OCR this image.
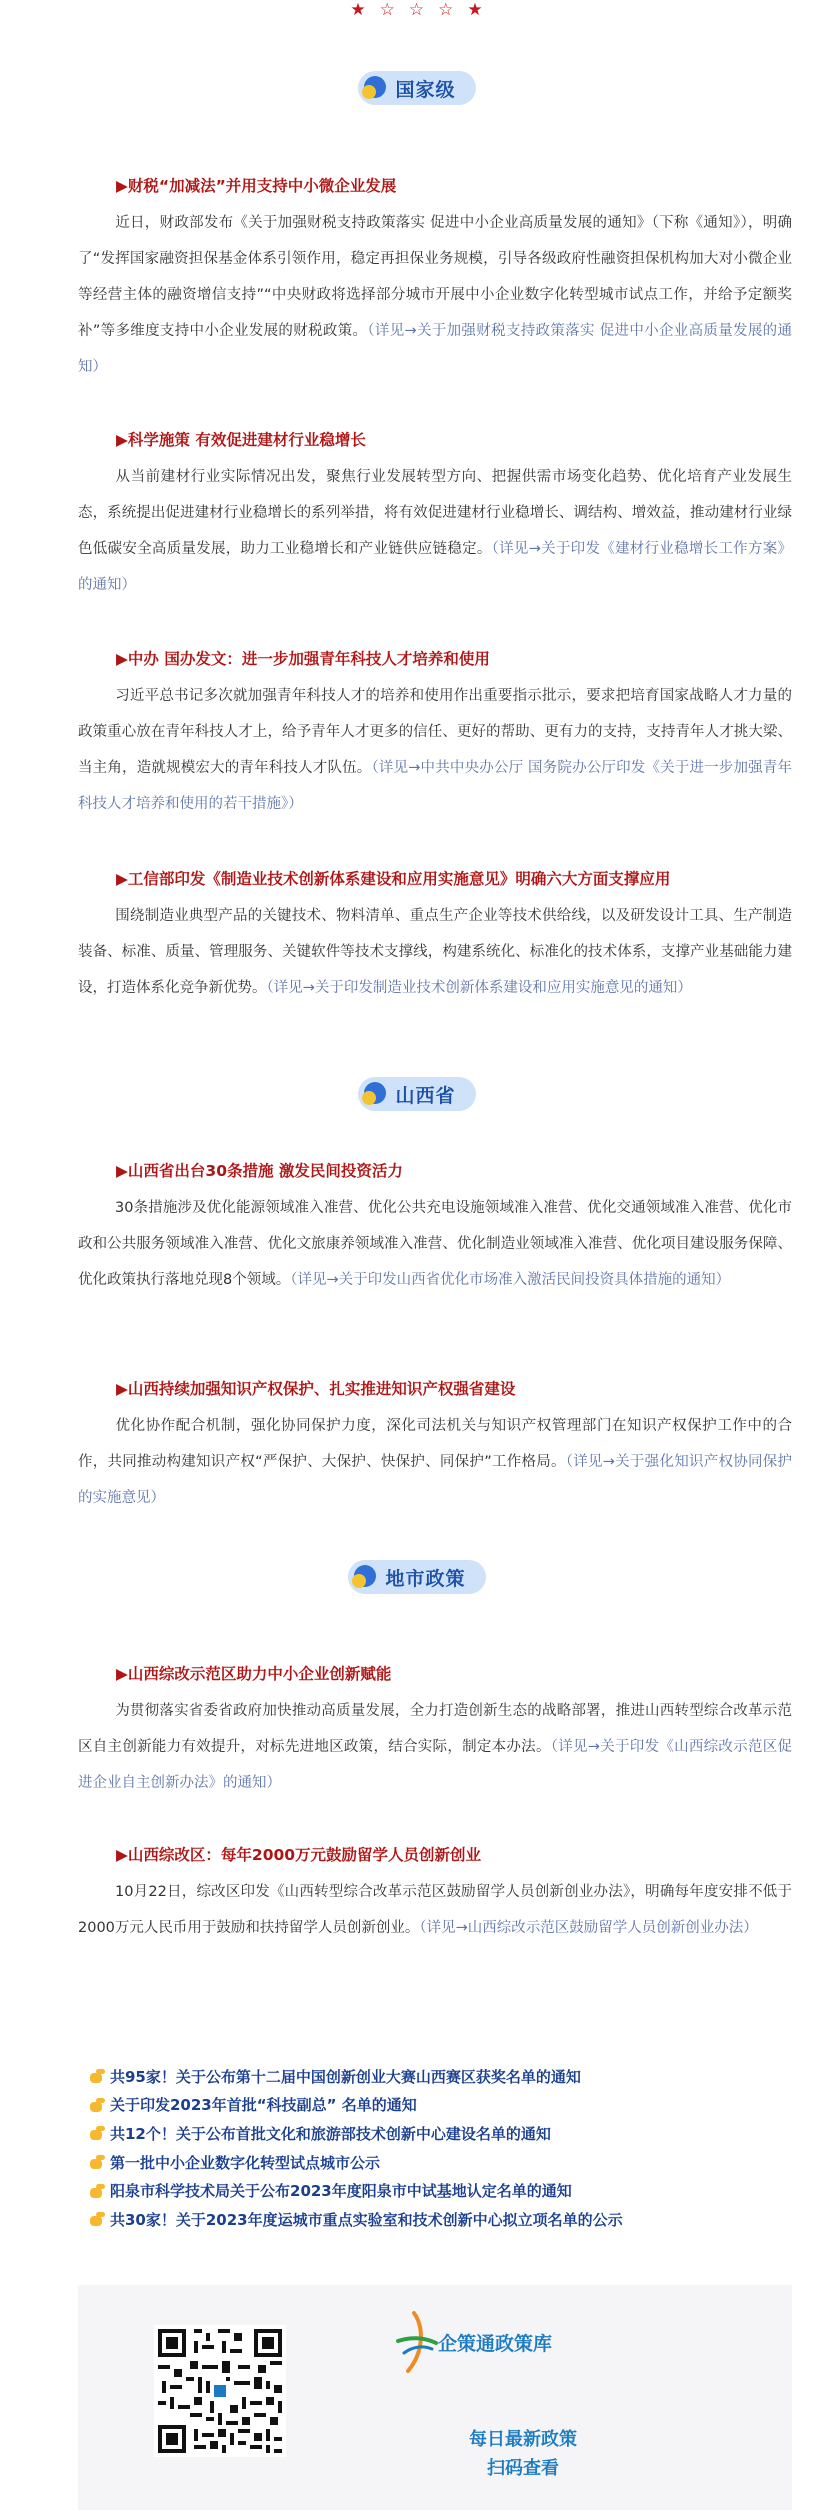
★ ☆ ☆ ☆ ★
国家级
▶财税“加减法”并用支持中小微企业发展

近日，财政部发布《关于加强财税支持政策落实 促进中小企业高质量发展的通知》（下称《通知》），明确了“发挥国家融资担保基金体系引领作用，稳定再担保业务规模，引导各级政府性融资担保机构加大对小微企业等经营主体的融资增信支持”“中央财政将选择部分城市开展中小企业数字化转型城市试点工作，并给予定额奖补”等多维度支持中小企业发展的财税政策。（详见→关于加强财税支持政策落实 促进中小企业高质量发展的通知）

▶科学施策 有效促进建材行业稳增长

从当前建材行业实际情况出发，聚焦行业发展转型方向、把握供需市场变化趋势、优化培育产业发展生态，系统提出促进建材行业稳增长的系列举措，将有效促进建材行业稳增长、调结构、增效益，推动建材行业绿色低碳安全高质量发展，助力工业稳增长和产业链供应链稳定。（详见→关于印发《建材行业稳增长工作方案》的通知）

▶中办 国办发文：进一步加强青年科技人才培养和使用

习近平总书记多次就加强青年科技人才的培养和使用作出重要指示批示，要求把培育国家战略人才力量的政策重心放在青年科技人才上，给予青年人才更多的信任、更好的帮助、更有力的支持，支持青年人才挑大梁、当主角，造就规模宏大的青年科技人才队伍。（详见→中共中央办公厅 国务院办公厅印发《关于进一步加强青年科技人才培养和使用的若干措施》）

▶工信部印发《制造业技术创新体系建设和应用实施意见》明确六大方面支撑应用

围绕制造业典型产品的关键技术、物料清单、重点生产企业等技术供给线，以及研发设计工具、生产制造装备、标准、质量、管理服务、关键软件等技术支撑线，构建系统化、标准化的技术体系，支撑产业基础能力建设，打造体系化竞争新优势。（详见→关于印发制造业技术创新体系建设和应用实施意见的通知）

山西省
▶山西省出台30条措施 激发民间投资活力

30条措施涉及优化能源领域准入准营、优化公共充电设施领域准入准营、优化交通领域准入准营、优化市政和公共服务领域准入准营、优化文旅康养领域准入准营、优化制造业领域准入准营、优化项目建设服务保障、优化政策执行落地兑现8个领域。（详见→关于印发山西省优化市场准入激活民间投资具体措施的通知）

▶山西持续加强知识产权保护、扎实推进知识产权强省建设

优化协作配合机制，强化协同保护力度，深化司法机关与知识产权管理部门在知识产权保护工作中的合作，共同推动构建知识产权“严保护、大保护、快保护、同保护”工作格局。（详见→关于强化知识产权协同保护的实施意见）

地市政策
▶山西综改示范区助力中小企业创新赋能

为贯彻落实省委省政府加快推动高质量发展，全力打造创新生态的战略部署，推进山西转型综合改革示范区自主创新能力有效提升，对标先进地区政策，结合实际，制定本办法。（详见→关于印发《山西综改示范区促进企业自主创新办法》的通知）

▶山西综改区：每年2000万元鼓励留学人员创新创业

10月22日，综改区印发《山西转型综合改革示范区鼓励留学人员创新创业办法》，明确每年度安排不低于2000万元人民币用于鼓励和扶持留学人员创新创业。（详见→山西综改示范区鼓励留学人员创新创业办法）

共95家！关于公布第十二届中国创新创业大赛山西赛区获奖名单的通知
关于印发2023年首批“科技副总” 名单的通知
共12个！关于公布首批文化和旅游部技术创新中心建设名单的通知
第一批中小企业数字化转型试点城市公示
阳泉市科学技术局关于公布2023年度阳泉市中试基地认定名单的通知
共30家！关于2023年度运城市重点实验室和技术创新中心拟立项名单的公示
企策通政策库
每日最新政策
扫码查看
